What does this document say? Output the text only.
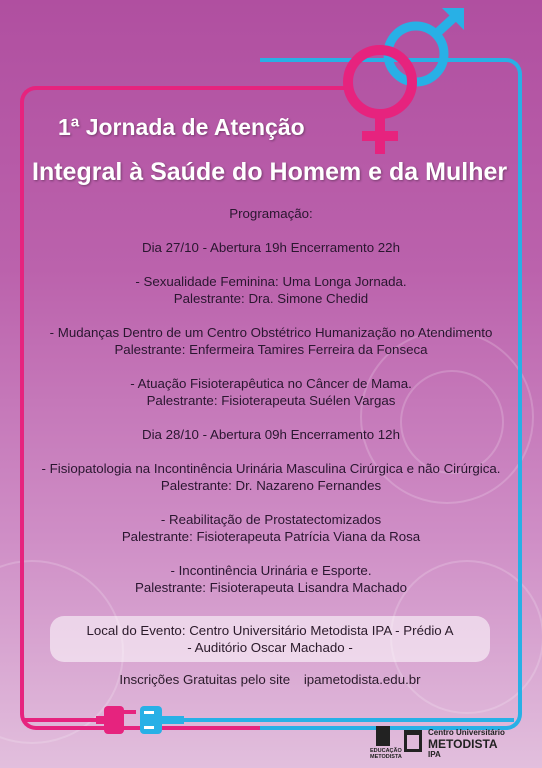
1ª Jornada de Atenção
Integral à Saúde do Homem e da Mulher

Programação:

Dia 27/10 - Abertura 19h Encerramento 22h

- Sexualidade Feminina: Uma Longa Jornada.

Palestrante: Dra. Simone Chedid

- Mudanças Dentro de um Centro Obstétrico Humanização no Atendimento

Palestrante: Enfermeira Tamires Ferreira da Fonseca

- Atuação Fisioterapêutica no Câncer de Mama.

Palestrante: Fisioterapeuta Suélen Vargas

Dia 28/10 - Abertura 09h Encerramento 12h

- Fisiopatologia na Incontinência Urinária Masculina Cirúrgica e não Cirúrgica.

Palestrante: Dr. Nazareno Fernandes

- Reabilitação de Prostatectomizados

Palestrante: Fisioterapeuta Patrícia Viana da Rosa

- Incontinência Urinária e Esporte.

Palestrante: Fisioterapeuta Lisandra Machado

Local do Evento: Centro Universitário Metodista IPA - Prédio A

- Auditório Oscar Machado -

Inscrições Gratuitas pelo site ipametodista.edu.br
EDUCAÇÃO
METODISTA
Centro Universitário
METODISTA
IPA
